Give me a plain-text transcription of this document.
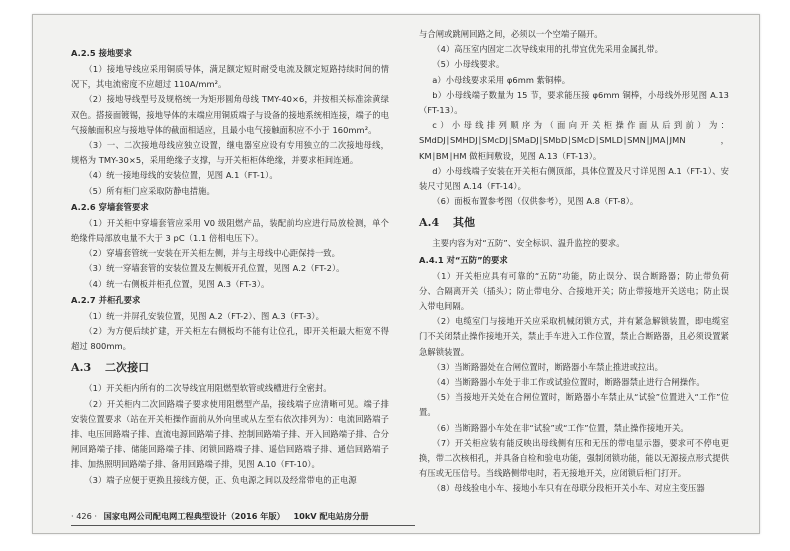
A.2.5 接地要求

（1）接地导线应采用铜质导体，满足额定短时耐受电流及额定短路持续时间的情况下，其电流密度不应超过 110A/mm²。

（2）接地导线型号及规格统一为矩形圆角母线 TMY-40×6，并按相关标准涂黄绿双色。搭接面镀锡，接地导体的末端应用铜质端子与设备的接地系统相连接，端子的电气接触面积应与接地导体的截面相适应，且最小电气接触面积应不小于 160mm²。

（3）一、二次接地母线应独立设置，继电器室应设有专用独立的二次接地母线，规格为 TMY-30×5，采用绝缘子支撑，与开关柜柜体绝缘，并要求柜间连通。

（4）统一接地母线的安装位置，见图 A.1（FT-1）。

（5）所有柜门应采取防静电措施。

A.2.6 穿墙套管要求

（1）开关柜中穿墙套管应采用 V0 级阻燃产品，装配前均应进行局放检测，单个绝缘件局部放电量不大于 3 pC（1.1 倍相电压下）。

（2）穿墙套管统一安装在开关柜左侧，并与主母线中心距保持一致。

（3）统一穿墙套管的安装位置及左侧板开孔位置，见图 A.2（FT-2）。

（4）统一右侧板并柜孔位置，见图 A.3（FT-3）。

A.2.7 并柜孔要求

（1）统一并屏孔安装位置，见图 A.2（FT-2）、图 A.3（FT-3）。

（2）为方便后续扩建，开关柜左右侧板均不能有让位孔，即开关柜最大柜宽不得超过 800mm。

A.3 二次接口

（1）开关柜内所有的二次导线宜用阻燃型软管或线槽进行全密封。

（2）开关柜内二次回路端子要求使用阻燃型产品，接线端子应清晰可见。端子排安装位置要求（站在开关柜操作面前从外向里或从左至右依次排列为）：电流回路端子排、电压回路端子排、直流电源回路端子排、控制回路端子排、开入回路端子排、合分闸回路端子排、储能回路端子排、闭锁回路端子排、遥信回路端子排、通信回路端子排、加热照明回路端子排、备用回路端子排，见图 A.10（FT-10）。

（3）端子应便于更换且接线方便，正、负电源之间以及经常带电的正电源

与合闸或跳闸回路之间，必须以一个空端子隔开。

（4）高压室内固定二次导线束用的扎带宜优先采用金属扎带。

（5）小母线要求。

a）小母线要求采用 φ6mm 紫铜棒。

b）小母线端子数量为 15 节，要求能压接 φ6mm 铜棒，小母线外形见图 A.13（FT-13）。

c）小母线排列顺序为（面向开关柜操作面从后到前）为：SMdDJ∣SMHDJ∣SMcDJ∣SMaDJ∣SMbD∣SMcD∣SMLD∣SMN∣JMA∣JMN，KM∣BM∣HM 做柜间敷设，见图 A.13（FT-13）。

d）小母线端子安装在开关柜右侧顶部，具体位置及尺寸详见图 A.1（FT-1）、安装尺寸见图 A.14（FT-14）。

（6）面板布置参考图（仅供参考），见图 A.8（FT-8）。

A.4 其他

主要内容为对“五防”、安全标识、温升监控的要求。

A.4.1 对“五防”的要求

（1）开关柜应具有可靠的“五防”功能，防止误分、误合断路器；防止带负荷分、合隔离开关（插头）；防止带电分、合接地开关；防止带接地开关送电；防止误入带电间隔。

（2）电缆室门与接地开关应采取机械闭锁方式，并有紧急解锁装置，即电缆室门不关闭禁止操作接地开关，禁止手车进入工作位置，禁止合断路器，且必须设置紧急解锁装置。

（3）当断路器处在合闸位置时，断路器小车禁止推进或拉出。

（4）当断路器小车处于非工作或试验位置时，断路器禁止进行合闸操作。

（5）当接地开关处在合闸位置时，断路器小车禁止从“试验”位置进入“工作”位置。

（6）当断路器小车处在非“试验”或“工作”位置，禁止操作接地开关。

（7）开关柜应装有能反映出母线侧有压和无压的带电显示器，要求可不停电更换，带二次核相孔，并具备自检和验电功能，强制闭锁功能，能以无源接点形式提供有压或无压信号。当线路侧带电时，若无接地开关，应闭锁后柜门打开。

（8）母线验电小车、接地小车只有在母联分段柜开关小车、对应主变压器

· 426 · 国家电网公司配电网工程典型设计（2016 年版） 10kV 配电站房分册
